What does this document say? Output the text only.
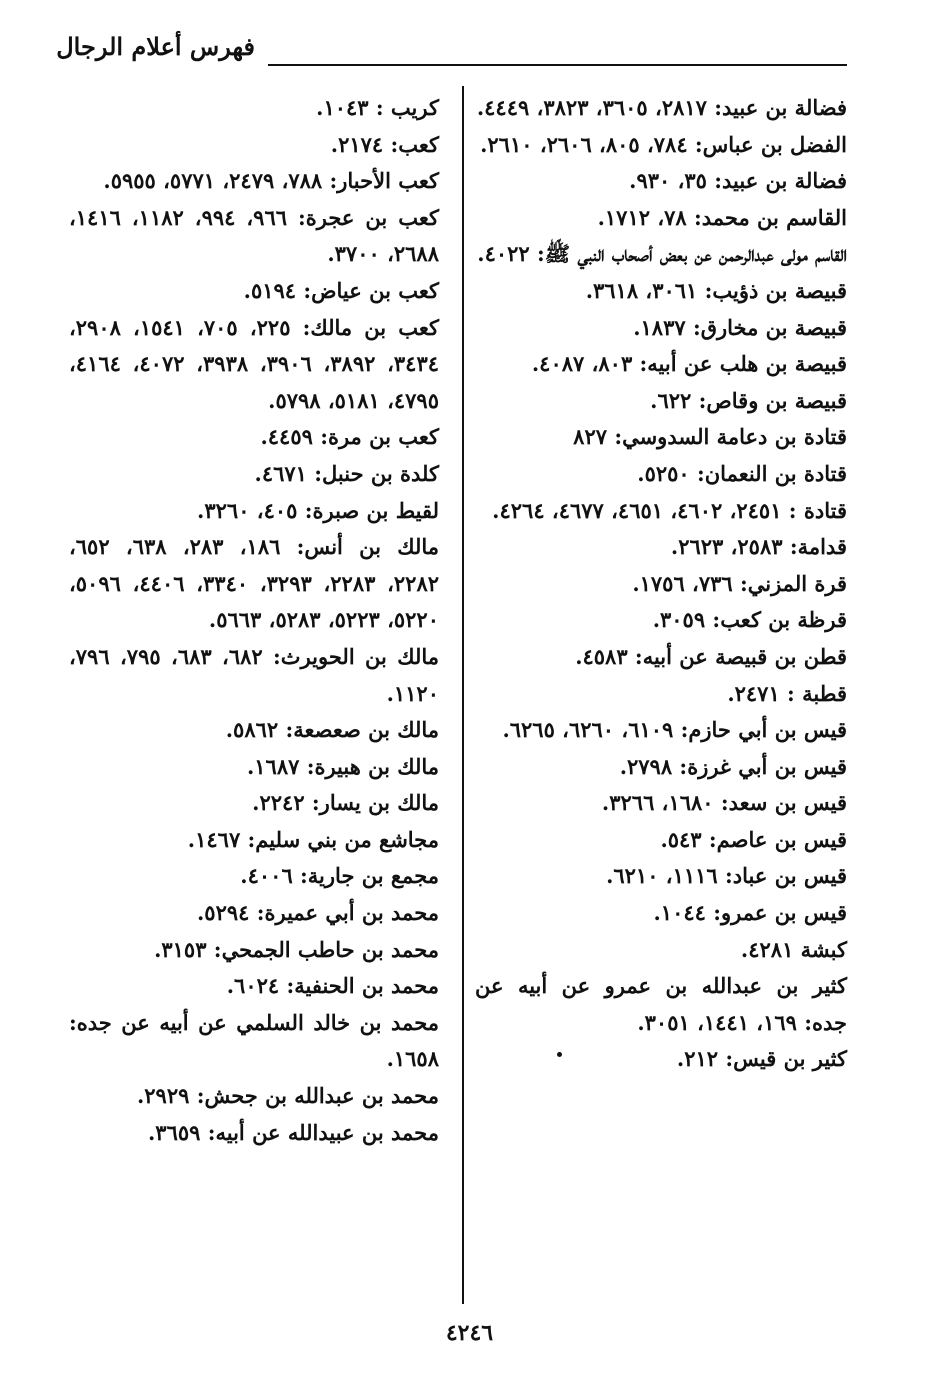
فهرس أعلام الرجال
فضالة بن عبيد: ٢٨١٧، ٣٦٠٥، ٣٨٢٣، ٤٤٤٩.
الفضل بن عباس: ٧٨٤، ٨٠٥، ٢٦٠٦، ٢٦١٠.
فضالة بن عبيد: ٣٥، ٩٣٠.
القاسم بن محمد: ٧٨، ١٧١٢.
القاسم مولى عبدالرحمن عن بعض أصحاب النبي ﷺ: ٤٠٢٢.
قبيصة بن ذؤيب: ٣٠٦١، ٣٦١٨.
قبيصة بن مخارق: ١٨٣٧.
قبيصة بن هلب عن أبيه: ٨٠٣، ٤٠٨٧.
قبيصة بن وقاص: ٦٢٢.
قتادة بن دعامة السدوسي: ٨٢٧
قتادة بن النعمان: ٥٢٥٠.
قتادة : ٢٤٥١، ٤٦٠٢، ٤٦٥١، ٤٦٧٧، ٤٢٦٤.
قدامة: ٢٥٨٣، ٢٦٢٣.
قرة المزني: ٧٣٦، ١٧٥٦.
قرظة بن كعب: ٣٠٥٩.
قطن بن قبيصة عن أبيه: ٤٥٨٣.
قطبة : ٢٤٧١.
قيس بن أبي حازم: ٦١٠٩، ٦٢٦٠، ٦٢٦٥.
قيس بن أبي غرزة: ٢٧٩٨.
قيس بن سعد: ١٦٨٠، ٣٢٦٦.
قيس بن عاصم: ٥٤٣.
قيس بن عباد: ١١١٦، ٦٢١٠.
قيس بن عمرو: ١٠٤٤.
كبشة ٤٢٨١.
كثير بن عبدالله بن عمرو عن أبيه عن جده: ١٦٩، ١٤٤١، ٣٠٥١.
كثير بن قيس: ٢١٢.
كريب : ١٠٤٣.
كعب: ٢١٧٤.
كعب الأحبار: ٧٨٨، ٢٤٧٩، ٥٧٧١، ٥٩٥٥.
كعب بن عجرة: ٩٦٦، ٩٩٤، ١١٨٢، ١٤١٦، ٢٦٨٨، ٣٧٠٠.
كعب بن عياض: ٥١٩٤.
كعب بن مالك: ٢٢٥، ٧٠٥، ١٥٤١، ٢٩٠٨، ٣٤٣٤، ٣٨٩٢، ٣٩٠٦، ٣٩٣٨، ٤٠٧٢، ٤١٦٤، ٤٧٩٥، ٥١٨١، ٥٧٩٨.
كعب بن مرة: ٤٤٥٩.
كلدة بن حنبل: ٤٦٧١.
لقيط بن صبرة: ٤٠٥، ٣٢٦٠.
مالك بن أنس: ١٨٦، ٢٨٣، ٦٣٨، ٦٥٢، ٢٢٨٢، ٢٢٨٣، ٣٢٩٣، ٣٣٤٠، ٤٤٠٦، ٥٠٩٦، ٥٢٢٠، ٥٢٢٣، ٥٢٨٣، ٥٦٦٣.
مالك بن الحويرث: ٦٨٢، ٦٨٣، ٧٩٥، ٧٩٦، ١١٢٠.
مالك بن صعصعة: ٥٨٦٢.
مالك بن هبيرة: ١٦٨٧.
مالك بن يسار: ٢٢٤٢.
مجاشع من بني سليم: ١٤٦٧.
مجمع بن جارية: ٤٠٠٦.
محمد بن أبي عميرة: ٥٢٩٤.
محمد بن حاطب الجمحي: ٣١٥٣.
محمد بن الحنفية: ٦٠٢٤.
محمد بن خالد السلمي عن أبيه عن جده: ١٦٥٨.
محمد بن عبدالله بن جحش: ٢٩٢٩.
محمد بن عبيدالله عن أبيه: ٣٦٥٩.
٤٢٤٦
